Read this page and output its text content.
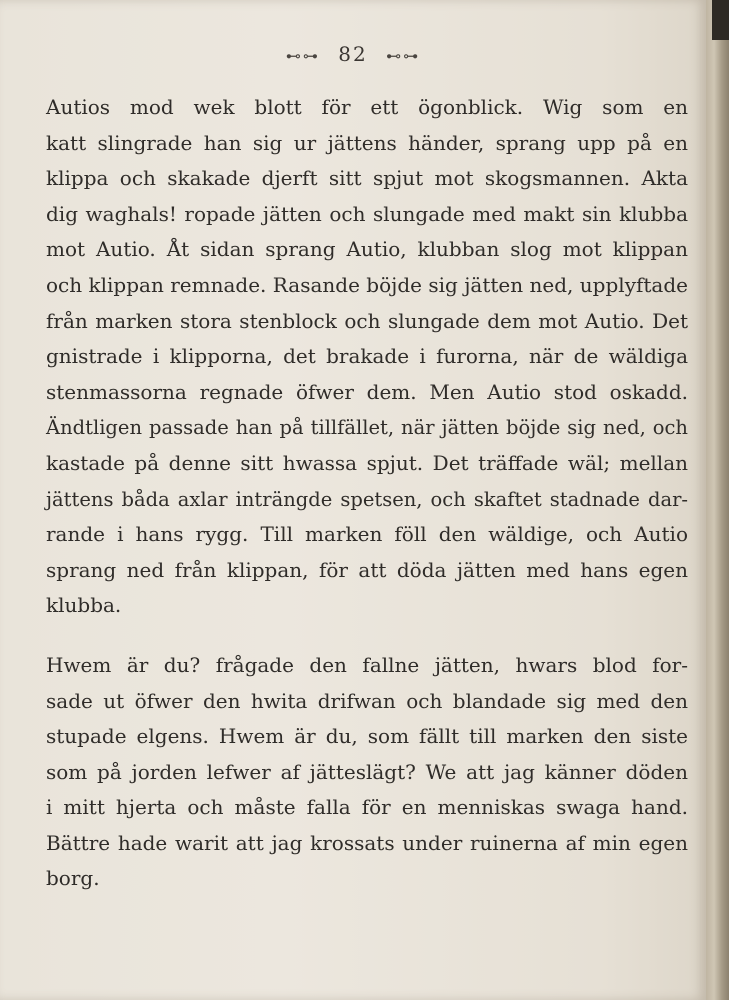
⊷⊶ 82 ⊷⊶

Autios mod wek blott för ett ögonblick. Wig som en
katt slingrade han sig ur jättens händer, sprang upp på en
klippa och skakade djerft sitt spjut mot skogsmannen. Akta
dig waghals! ropade jätten och slungade med makt sin klubba
mot Autio. Åt sidan sprang Autio, klubban slog mot klippan
och klippan remnade. Rasande böjde sig jätten ned, upplyftade
från marken stora stenblock och slungade dem mot Autio. Det
gnistrade i klipporna, det brakade i furorna, när de wäldiga
stenmassorna regnade öfwer dem. Men Autio stod oskadd.
Ändtligen passade han på tillfället, när jätten böjde sig ned, och
kastade på denne sitt hwassa spjut. Det träffade wäl; mellan
jättens båda axlar inträngde spetsen, och skaftet stadnade dar-
rande i hans rygg. Till marken föll den wäldige, och Autio
sprang ned från klippan, för att döda jätten med hans egen
klubba.

Hwem är du? frågade den fallne jätten, hwars blod for-
sade ut öfwer den hwita drifwan och blandade sig med den
stupade elgens. Hwem är du, som fällt till marken den siste
som på jorden lefwer af jätteslägt? We att jag känner döden
i mitt hjerta och måste falla för en menniskas swaga hand.
Bättre hade warit att jag krossats under ruinerna af min egen
borg.
